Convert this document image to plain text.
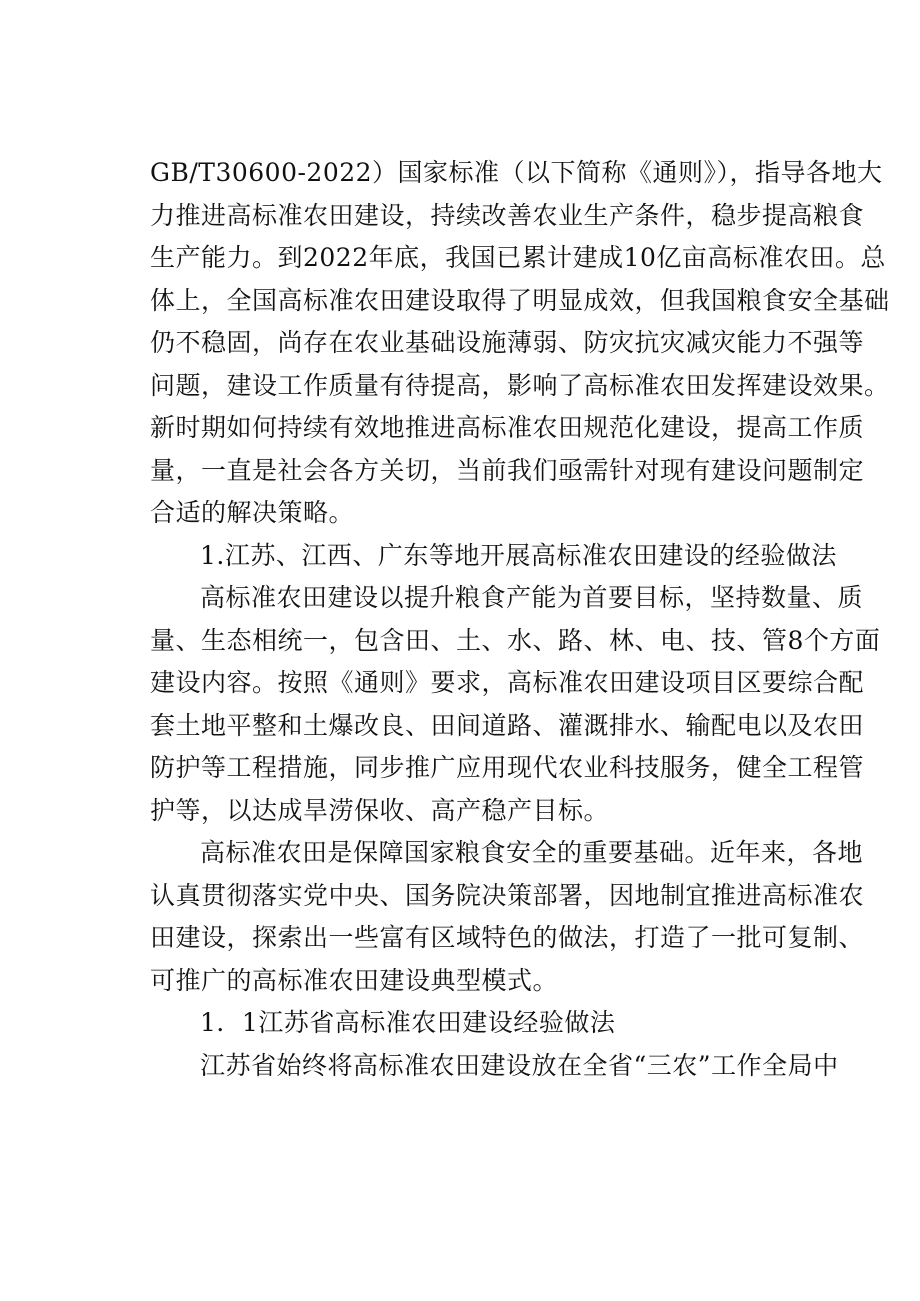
GB/T30600-2022）国家标准（以下简称《通则》），指导各地大
力推进高标准农田建设，持续改善农业生产条件，稳步提高粮食
生产能力。到2022年底，我国已累计建成10亿亩高标准农田。总
体上，全国高标准农田建设取得了明显成效，但我国粮食安全基础
仍不稳固，尚存在农业基础设施薄弱、防灾抗灾减灾能力不强等
问题，建设工作质量有待提高，影响了高标准农田发挥建设效果。
新时期如何持续有效地推进高标准农田规范化建设，提高工作质
量，一直是社会各方关切，当前我们亟需针对现有建设问题制定
合适的解决策略。
1.江苏、江西、广东等地开展高标准农田建设的经验做法
高标准农田建设以提升粮食产能为首要目标，坚持数量、质
量、生态相统一，包含田、土、水、路、林、电、技、管8个方面
建设内容。按照《通则》要求，高标准农田建设项目区要综合配
套土地平整和土爆改良、田间道路、灌溉排水、输配电以及农田
防护等工程措施，同步推广应用现代农业科技服务，健全工程管
护等，以达成旱涝保收、高产稳产目标。
高标准农田是保障国家粮食安全的重要基础。近年来，各地
认真贯彻落实党中央、国务院决策部署，因地制宜推进高标准农
田建设，探索出一些富有区域特色的做法，打造了一批可复制、
可推广的高标准农田建设典型模式。
1．1江苏省高标准农田建设经验做法
江苏省始终将高标准农田建设放在全省“三农”工作全局中
